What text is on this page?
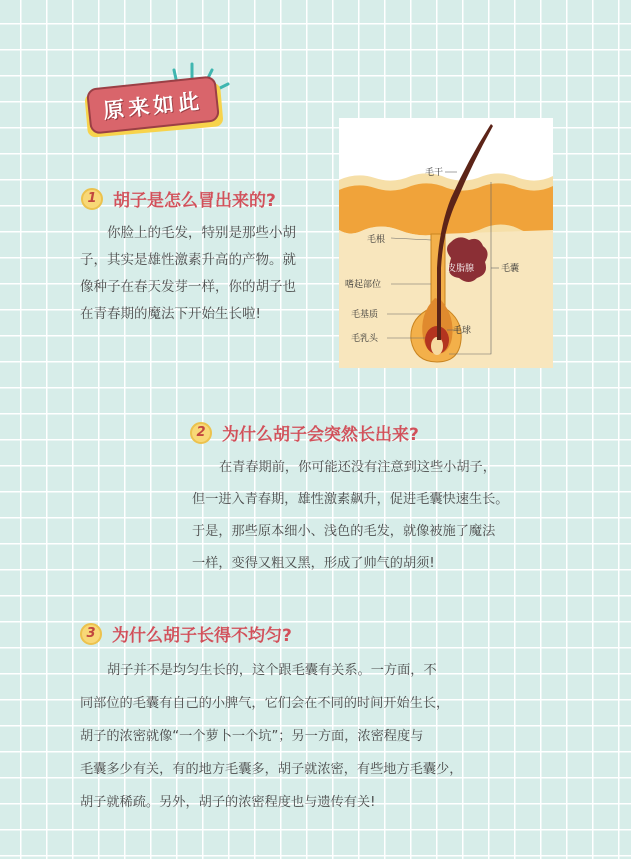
原来如此
1 胡子是怎么冒出来的?

你脸上的毛发，特别是那些小胡

子，其实是雄性激素升高的产物。就

像种子在春天发芽一样，你的胡子也

在青春期的魔法下开始生长啦!

毛干
毛根
嗜起部位
毛基质
毛乳头
皮脂腺	毛囊
毛球
2 为什么胡子会突然长出来?

在青春期前，你可能还没有注意到这些小胡子，

但一进入青春期，雄性激素飙升，促进毛囊快速生长。

于是，那些原本细小、浅色的毛发，就像被施了魔法

一样，变得又粗又黑，形成了帅气的胡须!

3 为什么胡子长得不均匀?

胡子并不是均匀生长的，这个跟毛囊有关系。一方面，不

同部位的毛囊有自己的小脾气，它们会在不同的时间开始生长，

胡子的浓密就像“一个萝卜一个坑”；另一方面，浓密程度与

毛囊多少有关，有的地方毛囊多，胡子就浓密，有些地方毛囊少，

胡子就稀疏。另外，胡子的浓密程度也与遗传有关!
